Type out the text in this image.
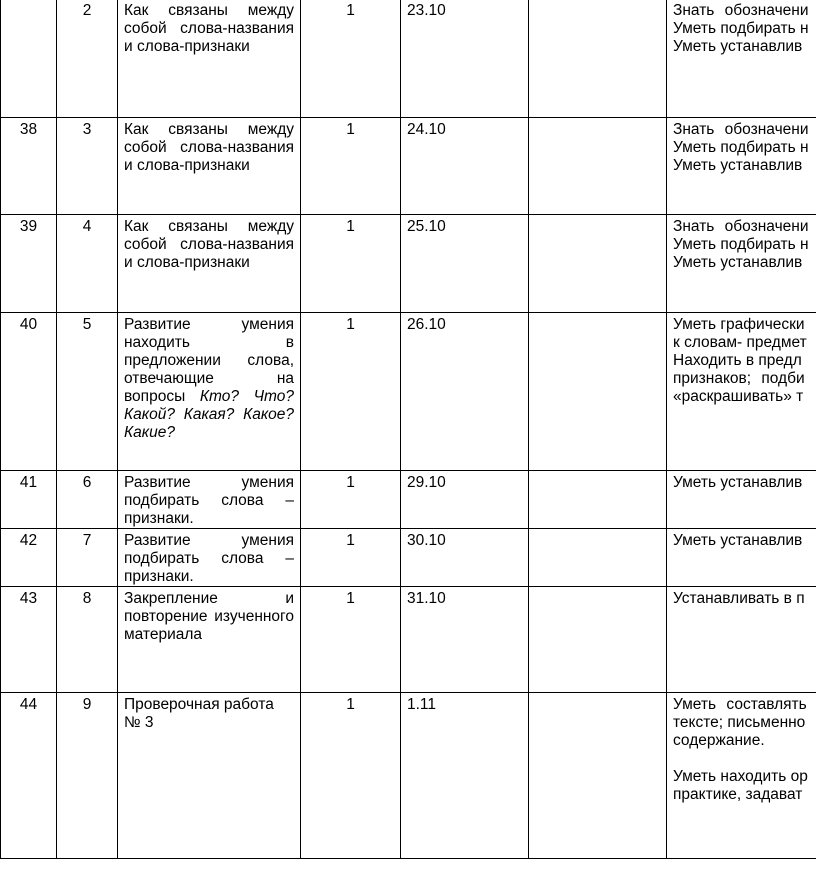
	2	Как связаны между собой слова-названия и слова-признаки	1	23.10		Знать обозначени
Уметь подбирать н
Уметь устанавлив

38	3	Как связаны между собой слова-названия и слова-признаки	1	24.10		Знать обозначени
Уметь подбирать н
Уметь устанавлив

39	4	Как связаны между собой слова-названия и слова-признаки	1	25.10		Знать обозначени
Уметь подбирать н
Уметь устанавлив

40	5	Развитие умения находить в предложении слова, отвечающие на вопросы Кто? Что? Какой? Какая? Какое? Какие?	1	26.10		Уметь графически
к словам- предмет
Находить в предл
признаков; подби
«раскрашивать» т

41	6	Развитие умения подбирать слова – признаки.	1	29.10		Уметь устанавлив

42	7	Развитие умения подбирать слова – признаки.	1	30.10		Уметь устанавлив

43	8	Закрепление и повторение изученного материала	1	31.10		Устанавливать в п

44	9	Проверочная работа № 3	1	1.11		Уметь составлять
тексте; письменно
содержание.
Уметь находить ор
практике, задават
